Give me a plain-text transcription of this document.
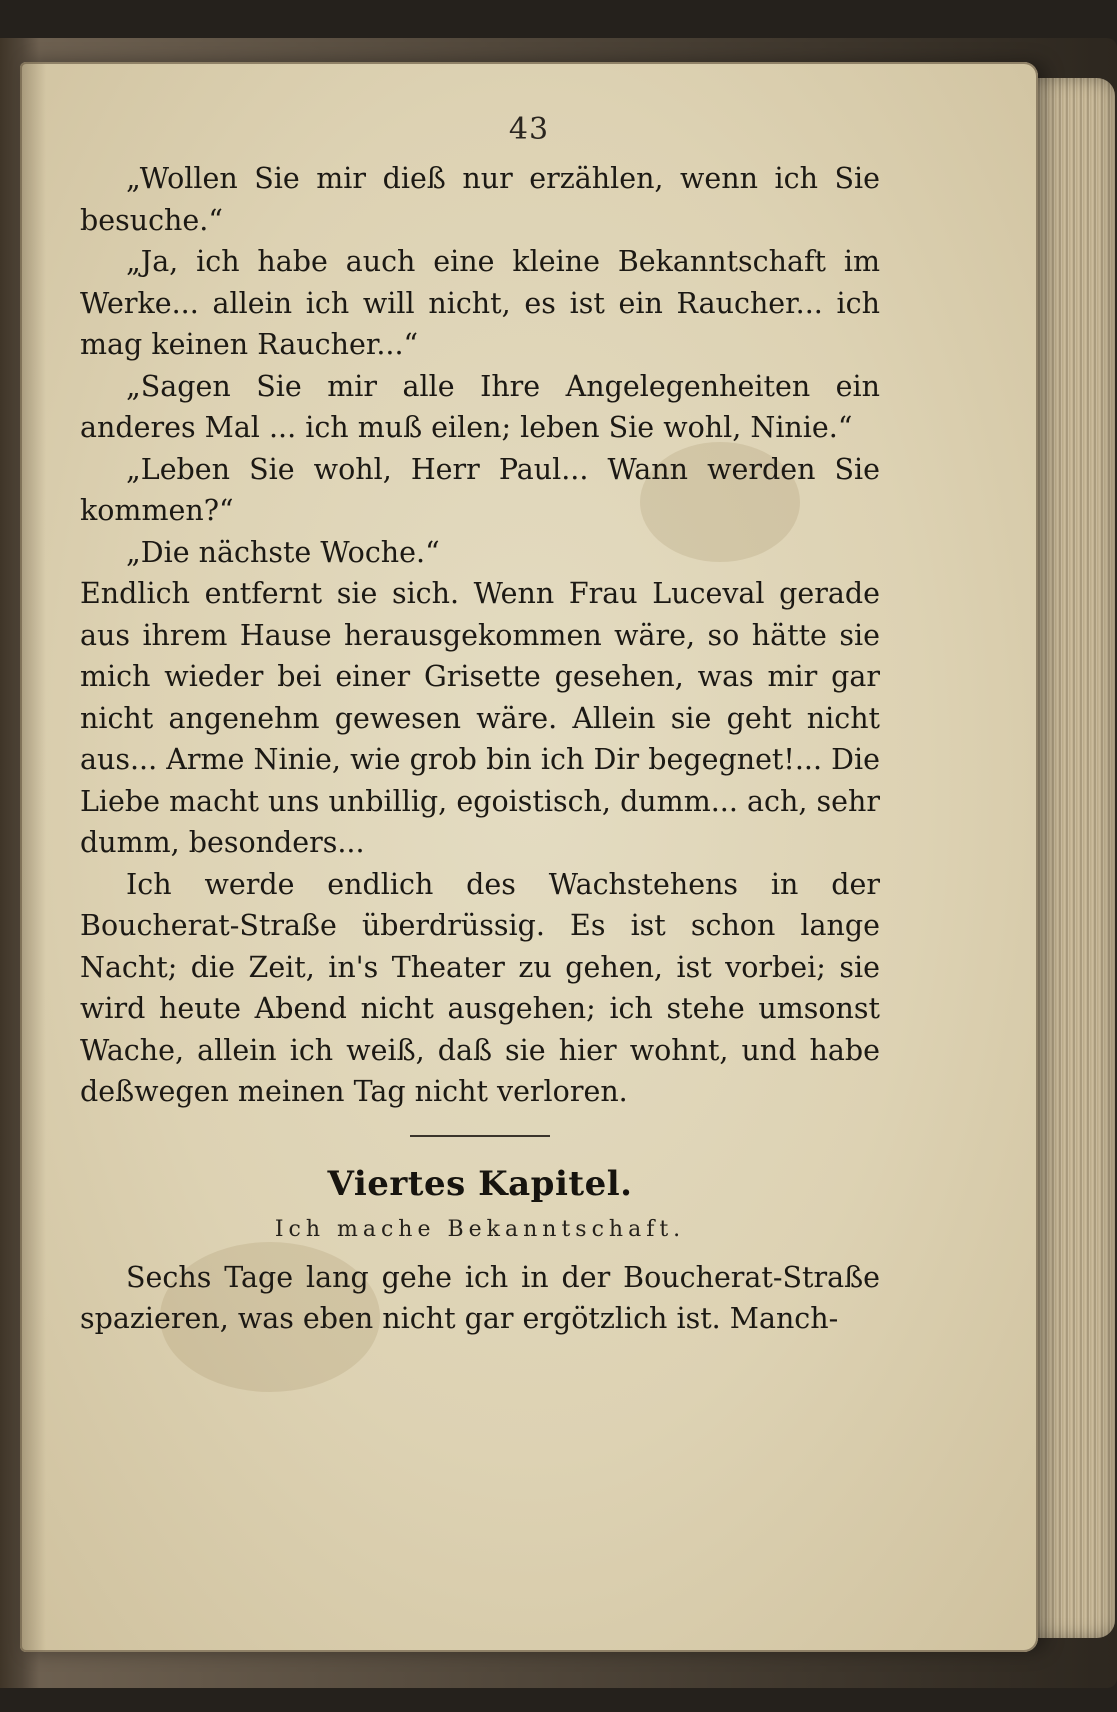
43

„Wollen Sie mir dieß nur erzählen, wenn ich Sie besuche.“

„Ja, ich habe auch eine kleine Bekanntschaft im Werke... allein ich will nicht, es ist ein Raucher... ich mag keinen Raucher...“

„Sagen Sie mir alle Ihre Angelegenheiten ein anderes Mal ... ich muß eilen; leben Sie wohl, Ninie.“

„Leben Sie wohl, Herr Paul... Wann werden Sie kommen?“

„Die nächste Woche.“

Endlich entfernt sie sich. Wenn Frau Luceval gerade aus ihrem Hause herausgekommen wäre, so hätte sie mich wieder bei einer Grisette gesehen, was mir gar nicht angenehm gewesen wäre. Allein sie geht nicht aus... Arme Ninie, wie grob bin ich Dir begegnet!... Die Liebe macht uns unbillig, egoistisch, dumm... ach, sehr dumm, besonders...

Ich werde endlich des Wachstehens in der Boucherat-Straße überdrüssig. Es ist schon lange Nacht; die Zeit, in's Theater zu gehen, ist vorbei; sie wird heute Abend nicht ausgehen; ich stehe umsonst Wache, allein ich weiß, daß sie hier wohnt, und habe deßwegen meinen Tag nicht verloren.

Viertes Kapitel.
Ich mache Bekanntschaft.

Sechs Tage lang gehe ich in der Boucherat-Straße spazieren, was eben nicht gar ergötzlich ist. Manch-
